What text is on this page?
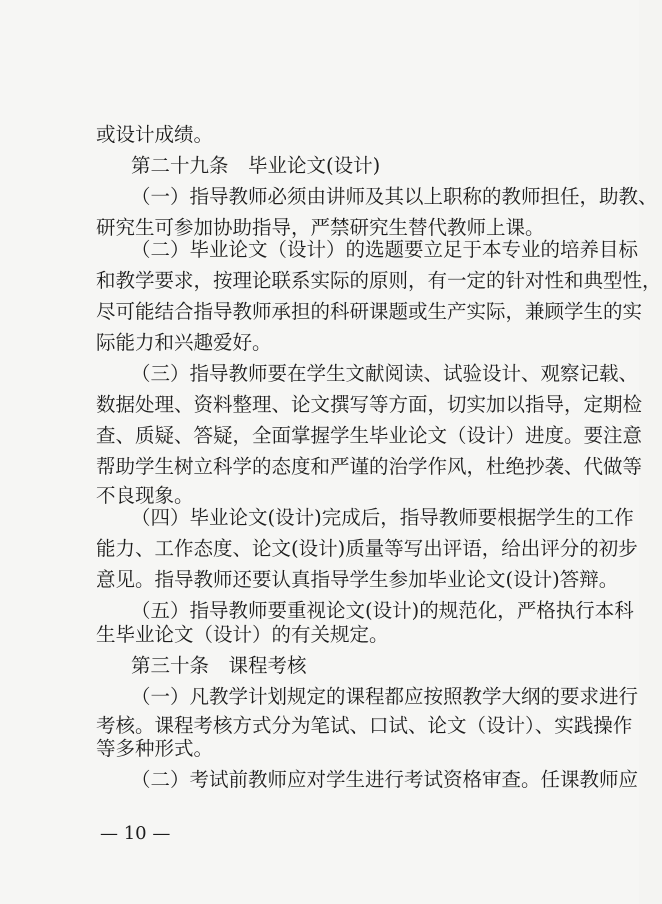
或设计成绩。
第二十九条　毕业论文(设计)
（一）指导教师必须由讲师及其以上职称的教师担任，助教、
研究生可参加协助指导，严禁研究生替代教师上课。
（二）毕业论文（设计）的选题要立足于本专业的培养目标
和教学要求，按理论联系实际的原则，有一定的针对性和典型性，
尽可能结合指导教师承担的科研课题或生产实际，兼顾学生的实
际能力和兴趣爱好。
（三）指导教师要在学生文献阅读、试验设计、观察记载、
数据处理、资料整理、论文撰写等方面，切实加以指导，定期检
查、质疑、答疑，全面掌握学生毕业论文（设计）进度。要注意
帮助学生树立科学的态度和严谨的治学作风，杜绝抄袭、代做等
不良现象。
（四）毕业论文(设计)完成后，指导教师要根据学生的工作
能力、工作态度、论文(设计)质量等写出评语，给出评分的初步
意见。指导教师还要认真指导学生参加毕业论文(设计)答辩。
（五）指导教师要重视论文(设计)的规范化，严格执行本科
生毕业论文（设计）的有关规定。
第三十条　课程考核
（一）凡教学计划规定的课程都应按照教学大纲的要求进行
考核。课程考核方式分为笔试、口试、论文（设计）、实践操作
等多种形式。
（二）考试前教师应对学生进行考试资格审查。任课教师应
— 10 —
